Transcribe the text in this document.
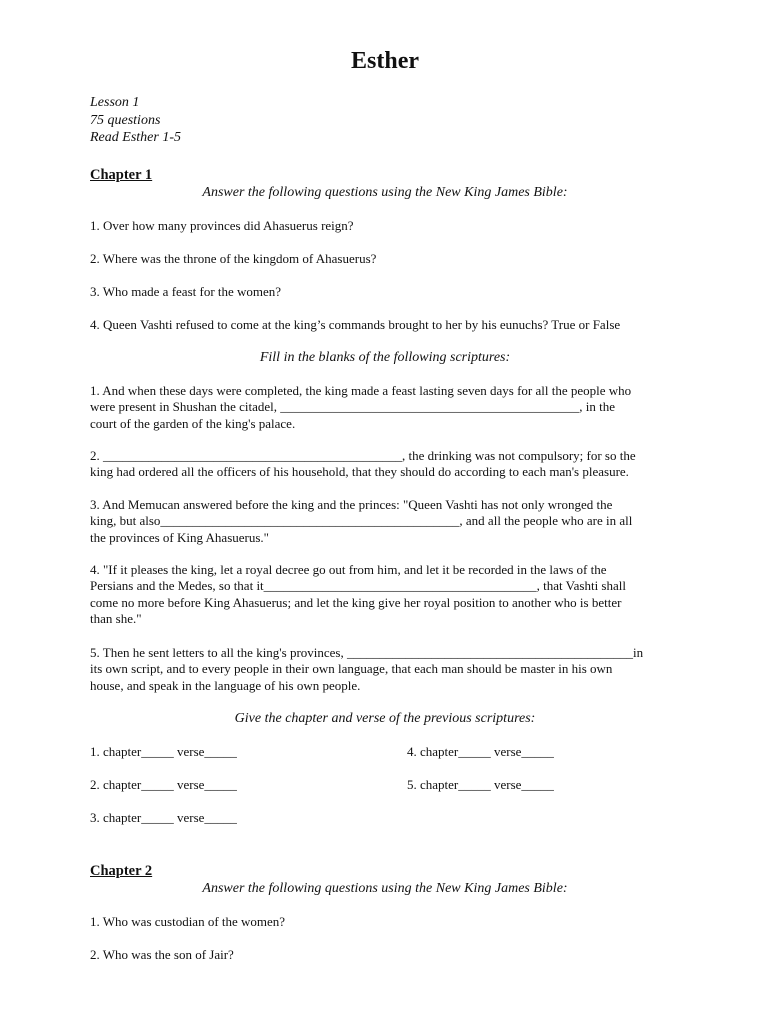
Esther
Lesson 1
75 questions
Read Esther 1-5
Chapter 1
Answer the following questions using the New King James Bible:
1. Over how many provinces did Ahasuerus reign?
2. Where was the throne of the kingdom of Ahasuerus?
3. Who made a feast for the women?
4. Queen Vashti refused to come at the king’s commands brought to her by his eunuchs? True or False
Fill in the blanks of the following scriptures:
1. And when these days were completed, the king made a feast lasting seven days for all the people who
were present in Shushan the citadel, ______________________________________________, in the
court of the garden of the king's palace.
2. ______________________________________________, the drinking was not compulsory; for so the
king had ordered all the officers of his household, that they should do according to each man's pleasure.
3. And Memucan answered before the king and the princes: "Queen Vashti has not only wronged the
king, but also______________________________________________, and all the people who are in all
the provinces of King Ahasuerus."
4. "If it pleases the king, let a royal decree go out from him, and let it be recorded in the laws of the
Persians and the Medes, so that it__________________________________________, that Vashti shall
come no more before King Ahasuerus; and let the king give her royal position to another who is better
than she."
5. Then he sent letters to all the king's provinces, ____________________________________________in
its own script, and to every people in their own language, that each man should be master in his own
house, and speak in the language of his own people.
Give the chapter and verse of the previous scriptures:
1. chapter_____ verse_____
2. chapter_____ verse_____
3. chapter_____ verse_____
4. chapter_____ verse_____
5. chapter_____ verse_____
Chapter 2
Answer the following questions using the New King James Bible:
1. Who was custodian of the women?
2. Who was the son of Jair?
